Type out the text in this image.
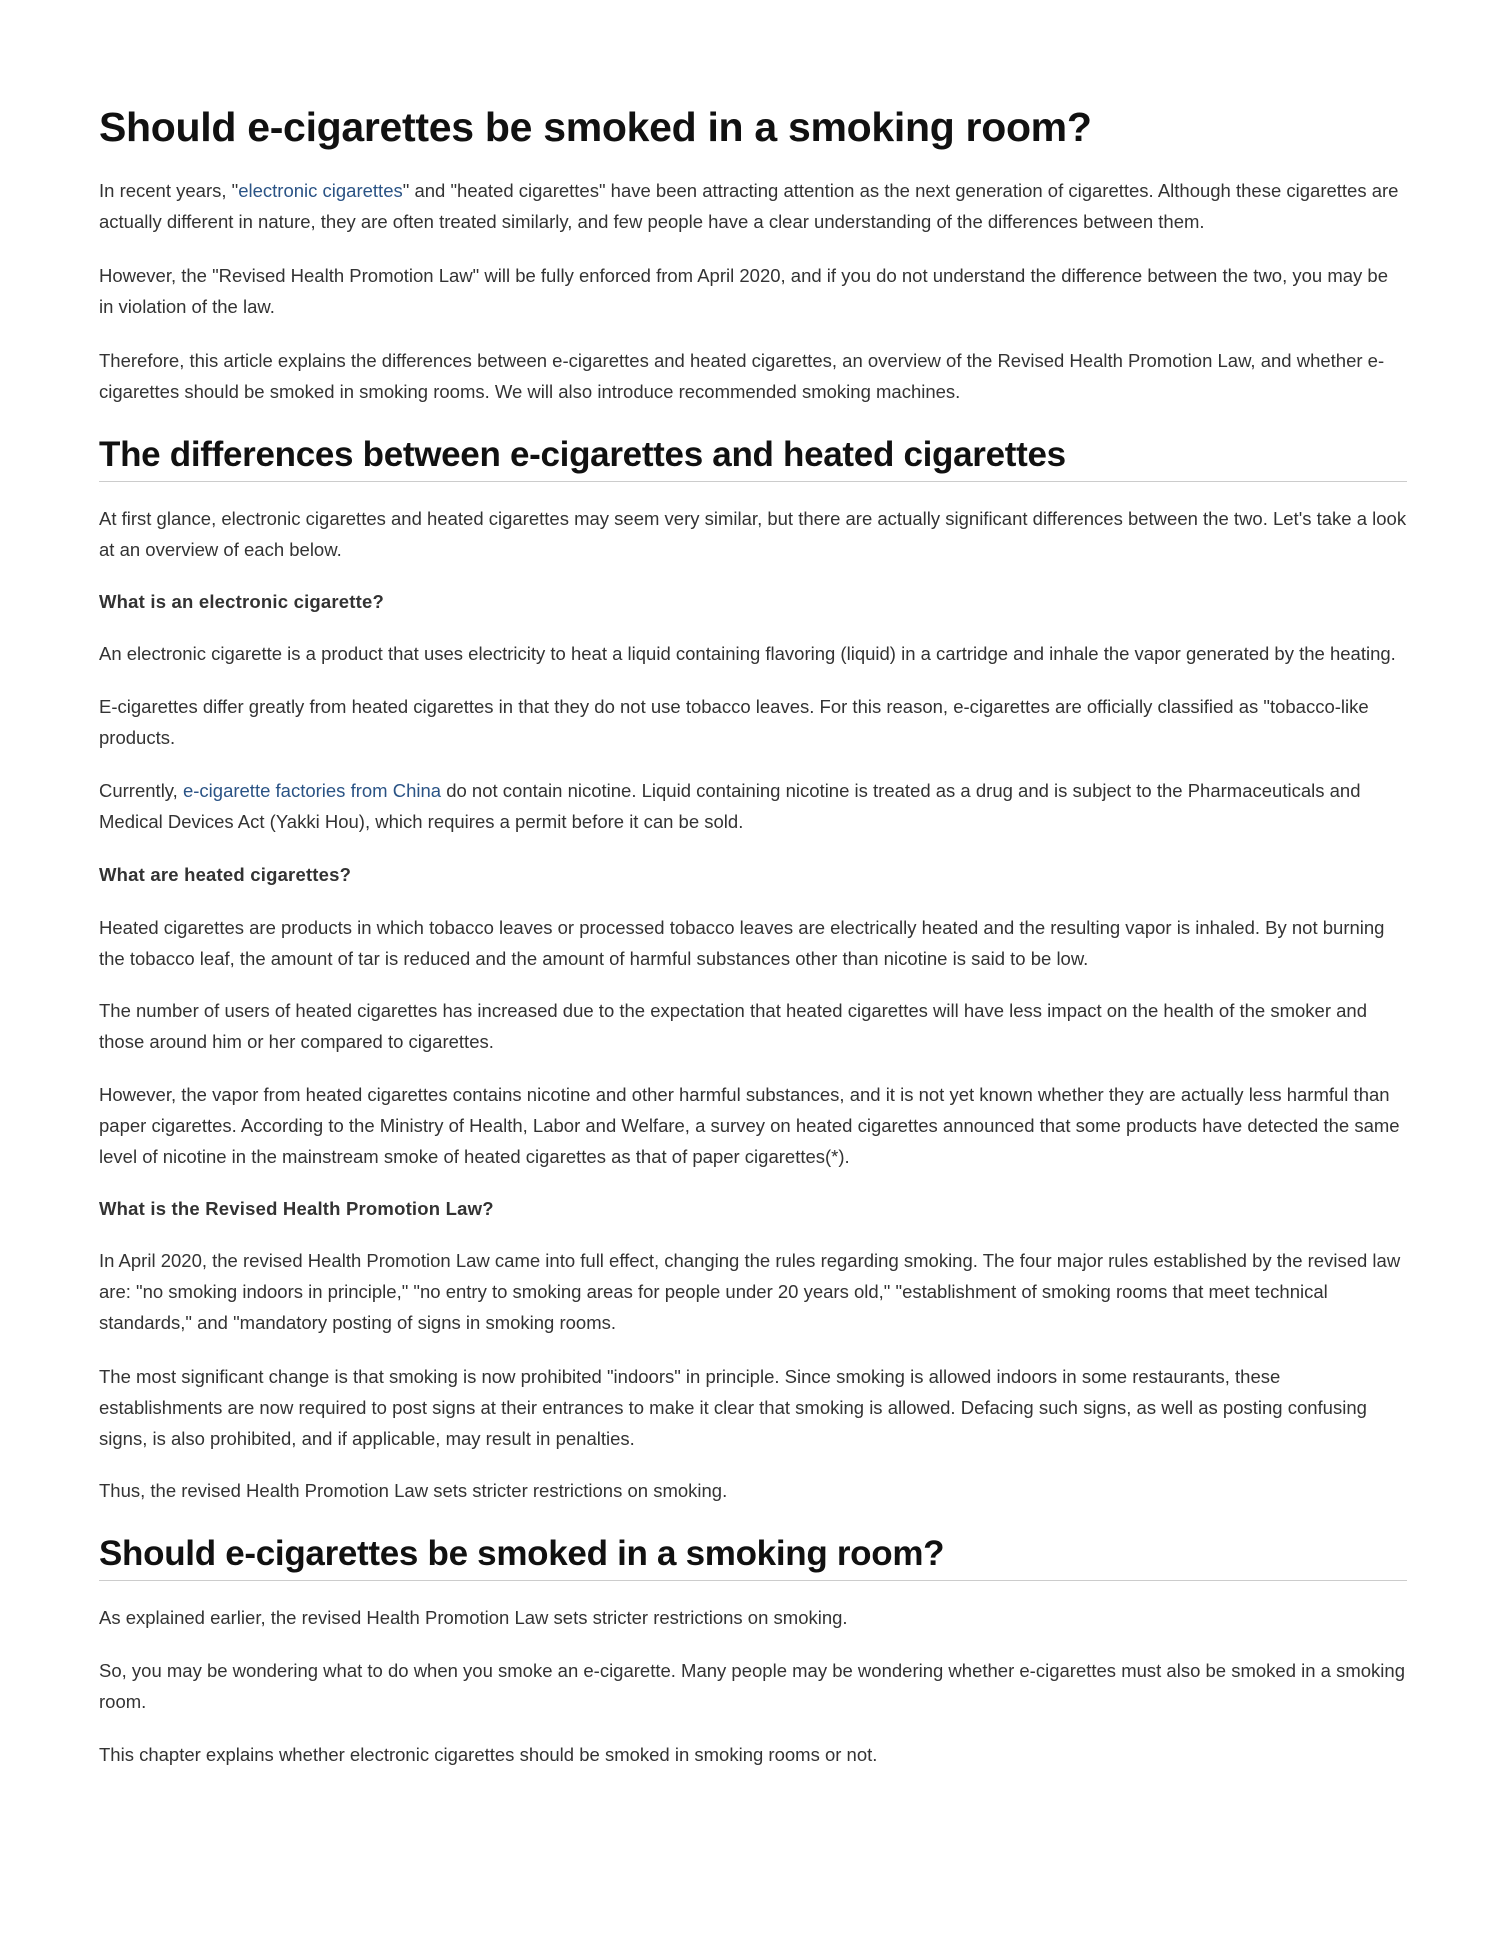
Should e-cigarettes be smoked in a smoking room?

In recent years, "electronic cigarettes" and "heated cigarettes" have been attracting attention as the next generation of cigarettes. Although these cigarettes are actually different in nature, they are often treated similarly, and few people have a clear understanding of the differences between them.

However, the "Revised Health Promotion Law" will be fully enforced from April 2020, and if you do not understand the difference between the two, you may be in violation of the law.

Therefore, this article explains the differences between e-cigarettes and heated cigarettes, an overview of the Revised Health Promotion Law, and whether e-cigarettes should be smoked in smoking rooms. We will also introduce recommended smoking machines.

The differences between e-cigarettes and heated cigarettes

At first glance, electronic cigarettes and heated cigarettes may seem very similar, but there are actually significant differences between the two. Let's take a look at an overview of each below.

What is an electronic cigarette?

An electronic cigarette is a product that uses electricity to heat a liquid containing flavoring (liquid) in a cartridge and inhale the vapor generated by the heating.

E-cigarettes differ greatly from heated cigarettes in that they do not use tobacco leaves. For this reason, e-cigarettes are officially classified as "tobacco-like products.

Currently, e-cigarette factories from China do not contain nicotine. Liquid containing nicotine is treated as a drug and is subject to the Pharmaceuticals and Medical Devices Act (Yakki Hou), which requires a permit before it can be sold.

What are heated cigarettes?

Heated cigarettes are products in which tobacco leaves or processed tobacco leaves are electrically heated and the resulting vapor is inhaled. By not burning the tobacco leaf, the amount of tar is reduced and the amount of harmful substances other than nicotine is said to be low.

The number of users of heated cigarettes has increased due to the expectation that heated cigarettes will have less impact on the health of the smoker and those around him or her compared to cigarettes.

However, the vapor from heated cigarettes contains nicotine and other harmful substances, and it is not yet known whether they are actually less harmful than paper cigarettes. According to the Ministry of Health, Labor and Welfare, a survey on heated cigarettes announced that some products have detected the same level of nicotine in the mainstream smoke of heated cigarettes as that of paper cigarettes(*).

What is the Revised Health Promotion Law?

In April 2020, the revised Health Promotion Law came into full effect, changing the rules regarding smoking. The four major rules established by the revised law are: "no smoking indoors in principle," "no entry to smoking areas for people under 20 years old," "establishment of smoking rooms that meet technical standards," and "mandatory posting of signs in smoking rooms.

The most significant change is that smoking is now prohibited "indoors" in principle. Since smoking is allowed indoors in some restaurants, these establishments are now required to post signs at their entrances to make it clear that smoking is allowed. Defacing such signs, as well as posting confusing signs, is also prohibited, and if applicable, may result in penalties.

Thus, the revised Health Promotion Law sets stricter restrictions on smoking.

Should e-cigarettes be smoked in a smoking room?

As explained earlier, the revised Health Promotion Law sets stricter restrictions on smoking.

So, you may be wondering what to do when you smoke an e-cigarette. Many people may be wondering whether e-cigarettes must also be smoked in a smoking room.

This chapter explains whether electronic cigarettes should be smoked in smoking rooms or not.
